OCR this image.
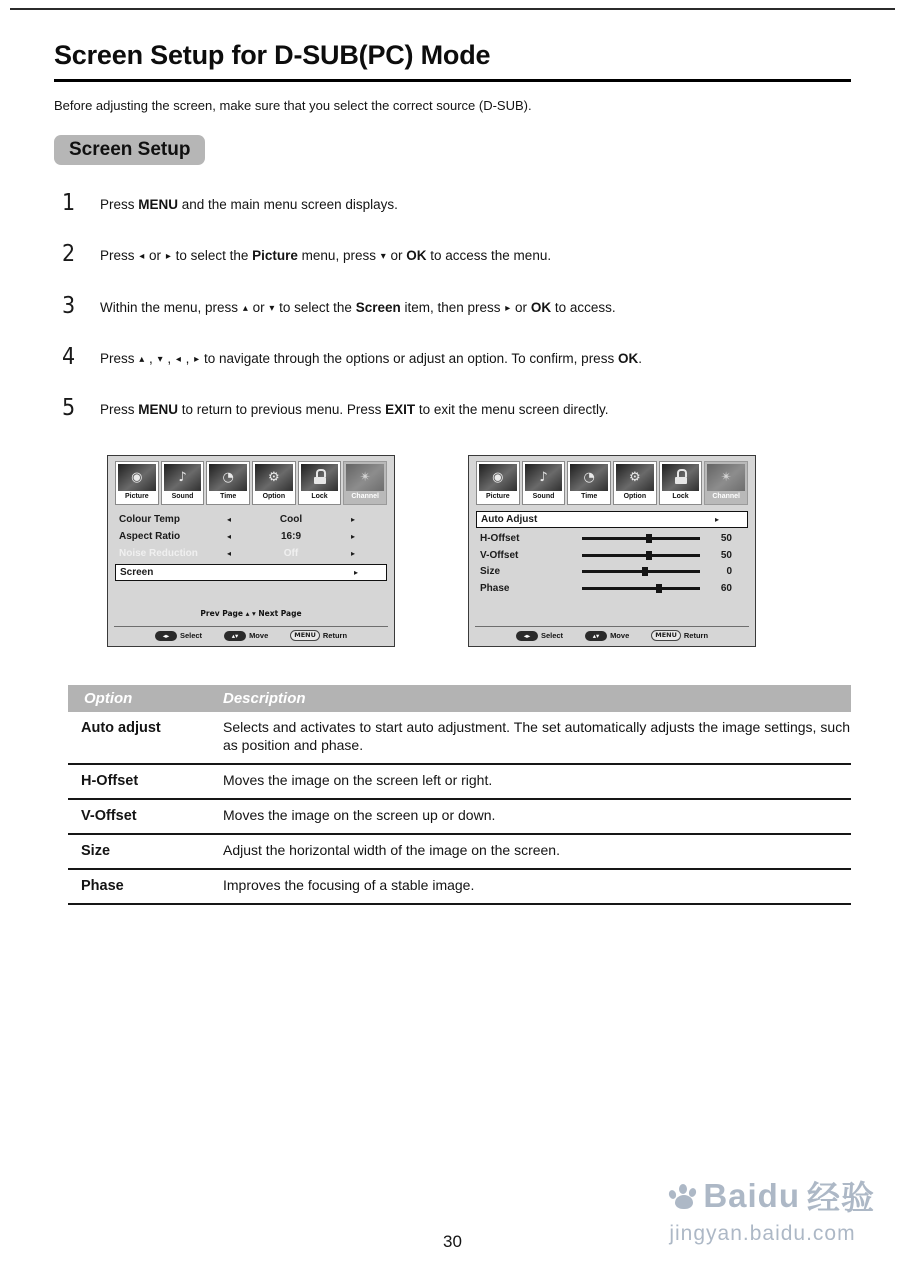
Screen Setup for D-SUB(PC) Mode

Before adjusting the screen, make sure that you select the correct source (D-SUB).

Screen Setup
1	Press MENU and the main menu screen displays.
2	Press ◂ or ▸ to select the Picture menu, press ▾ or OK to access the menu.
3	Within the menu, press ▴ or ▾ to select the Screen item, then press ▸ or OK to access.
4	Press ▴ , ▾ , ◂ , ▸ to navigate through the options or adjust an option. To confirm, press OK.
5	Press MENU to return to previous menu. Press EXIT to exit the menu screen directly.
◉
Picture
♪
Sound
◔
Time
⚙
Option	Lock
✴
Channel
Colour Temp	◂	Cool	▸
Aspect Ratio	◂	16:9	▸
Noise Reduction	◂	Off	▸
Screen	▸
Prev Page ▴ ▾ Next Page
◂▸	Select	▴▾	Move	MENU Return
◉
Picture
♪
Sound
◔
Time
⚙
Option	Lock
✴
Channel
Auto Adjust	▸
H-Offset	50
V-Offset	50
Size	0
Phase	60
◂▸	Select	▴▾	Move	MENU Return
Option	Description
Auto adjust	Selects and activates to start auto adjustment. The set automatically adjusts the image settings, such as position and phase.
H-Offset	Moves the image on the screen left or right.
V-Offset	Moves the image on the screen up or down.
Size	Adjust the horizontal width of the image on the screen.
Phase	Improves the focusing of a stable image.
30
Baidu 经验
jingyan.baidu.com
